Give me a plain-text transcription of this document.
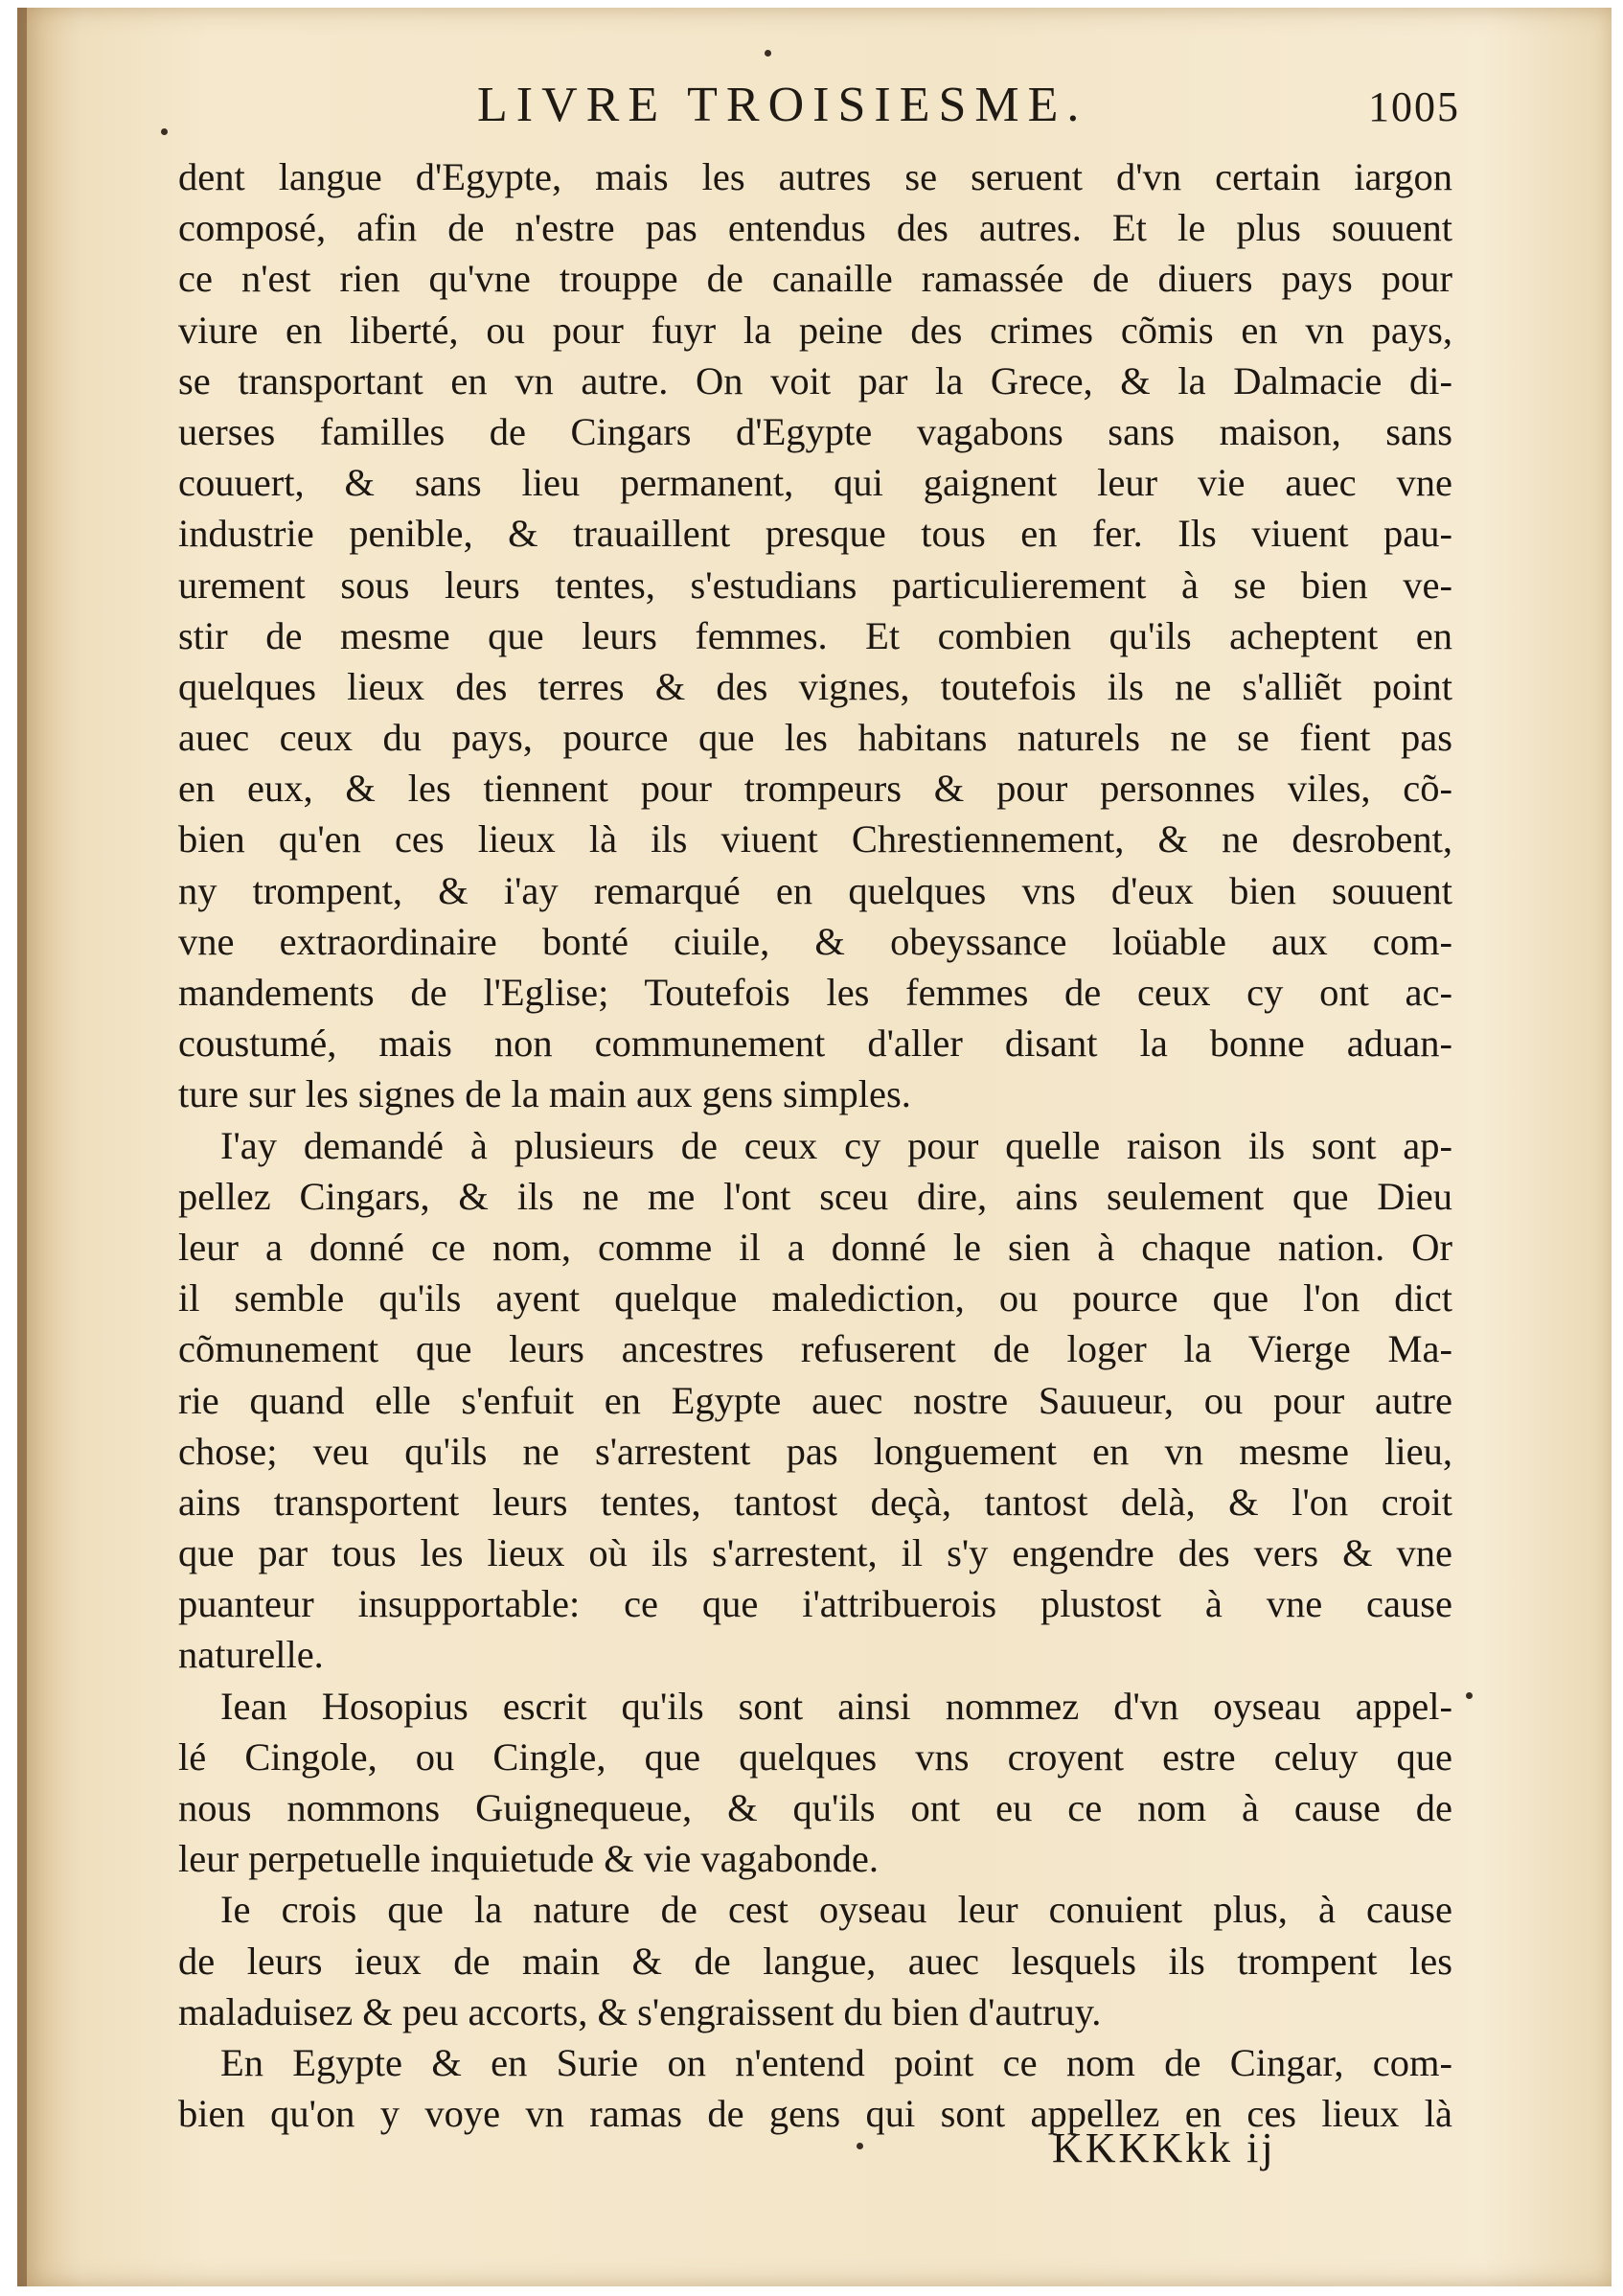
LIVRE TROISIESME.	1005
dent langue d'Egypte, mais les autres se seruent d'vn certain iargon
composé, afin de n'estre pas entendus des autres. Et le plus souuent
ce n'est rien qu'vne trouppe de canaille ramassée de diuers pays pour
viure en liberté, ou pour fuyr la peine des crimes cõmis en vn pays,
se transportant en vn autre. On voit par la Grece, & la Dalmacie di-
uerses familles de Cingars d'Egypte vagabons sans maison, sans
couuert, & sans lieu permanent, qui gaignent leur vie auec vne
industrie penible, & trauaillent presque tous en fer. Ils viuent pau-
urement sous leurs tentes, s'estudians particulierement à se bien ve-
stir de mesme que leurs femmes. Et combien qu'ils acheptent en
quelques lieux des terres & des vignes, toutefois ils ne s'alliẽt point
auec ceux du pays, pource que les habitans naturels ne se fient pas
en eux, & les tiennent pour trompeurs & pour personnes viles, cõ-
bien qu'en ces lieux là ils viuent Chrestiennement, & ne desrobent,
ny trompent, & i'ay remarqué en quelques vns d'eux bien souuent
vne extraordinaire bonté ciuile, & obeyssance loüable aux com-
mandements de l'Eglise; Toutefois les femmes de ceux cy ont ac-
coustumé, mais non communement d'aller disant la bonne aduan-
ture sur les signes de la main aux gens simples.
I'ay demandé à plusieurs de ceux cy pour quelle raison ils sont ap-
pellez Cingars, & ils ne me l'ont sceu dire, ains seulement que Dieu
leur a donné ce nom, comme il a donné le sien à chaque nation. Or
il semble qu'ils ayent quelque malediction, ou pource que l'on dict
cõmunement que leurs ancestres refuserent de loger la Vierge Ma-
rie quand elle s'enfuit en Egypte auec nostre Sauueur, ou pour autre
chose; veu qu'ils ne s'arrestent pas longuement en vn mesme lieu,
ains transportent leurs tentes, tantost deçà, tantost delà, & l'on croit
que par tous les lieux où ils s'arrestent, il s'y engendre des vers & vne
puanteur insupportable: ce que i'attribuerois plustost à vne cause
naturelle.
Iean Hosopius escrit qu'ils sont ainsi nommez d'vn oyseau appel-
lé Cingole, ou Cingle, que quelques vns croyent estre celuy que
nous nommons Guignequeue, & qu'ils ont eu ce nom à cause de
leur perpetuelle inquietude & vie vagabonde.
Ie crois que la nature de cest oyseau leur conuient plus, à cause
de leurs ieux de main & de langue, auec lesquels ils trompent les
maladuisez & peu accorts, & s'engraissent du bien d'autruy.
En Egypte & en Surie on n'entend point ce nom de Cingar, com-
bien qu'on y voye vn ramas de gens qui sont appellez en ces lieux là
KKKKkk ij
